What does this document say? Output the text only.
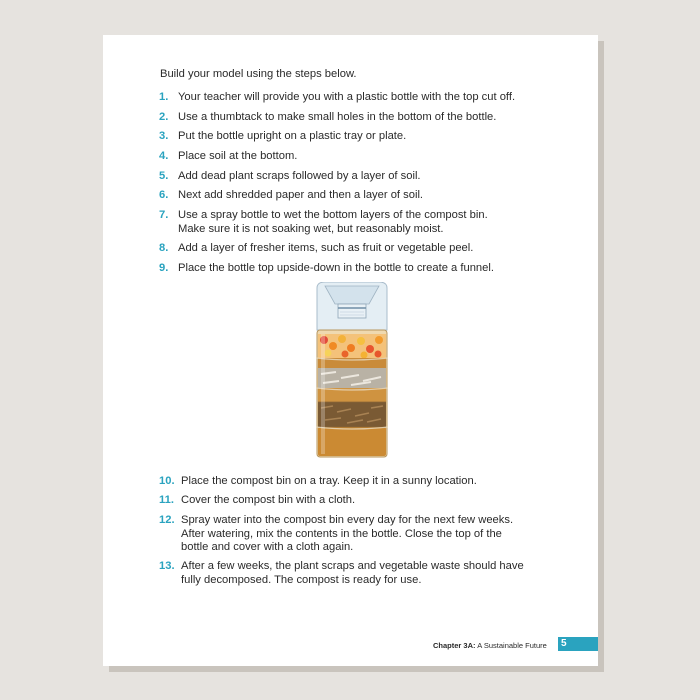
Build your model using the steps below.
1. Your teacher will provide you with a plastic bottle with the top cut off.
2. Use a thumbtack to make small holes in the bottom of the bottle.
3. Put the bottle upright on a plastic tray or plate.
4. Place soil at the bottom.
5. Add dead plant scraps followed by a layer of soil.
6. Next add shredded paper and then a layer of soil.
7. Use a spray bottle to wet the bottom layers of the compost bin. Make sure it is not soaking wet, but reasonably moist.
8. Add a layer of fresher items, such as fruit or vegetable peel.
9. Place the bottle top upside-down in the bottle to create a funnel.
10. Place the compost bin on a tray. Keep it in a sunny location.
11. Cover the compost bin with a cloth.
12. Spray water into the compost bin every day for the next few weeks. After watering, mix the contents in the bottle. Close the top of the bottle and cover with a cloth again.
13. After a few weeks, the plant scraps and vegetable waste should have fully decomposed. The compost is ready for use.
Chapter 3A: A Sustainable Future 5
